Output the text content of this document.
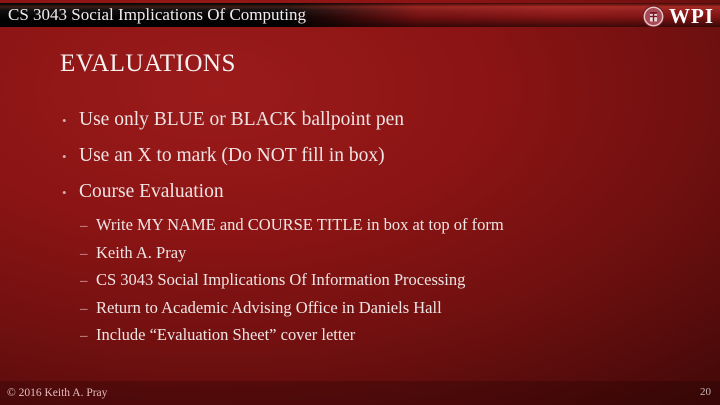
CS 3043 Social Implications Of Computing	WPI
EVALUATIONS
• Use only BLUE or BLACK ballpoint pen
• Use an X to mark (Do NOT fill in box)
• Course Evaluation
– Write MY NAME and COURSE TITLE in box at top of form
– Keith A. Pray
– CS 3043 Social Implications Of Information Processing
– Return to Academic Advising Office in Daniels Hall
– Include “Evaluation Sheet” cover letter
© 2016 Keith A. Pray	20
